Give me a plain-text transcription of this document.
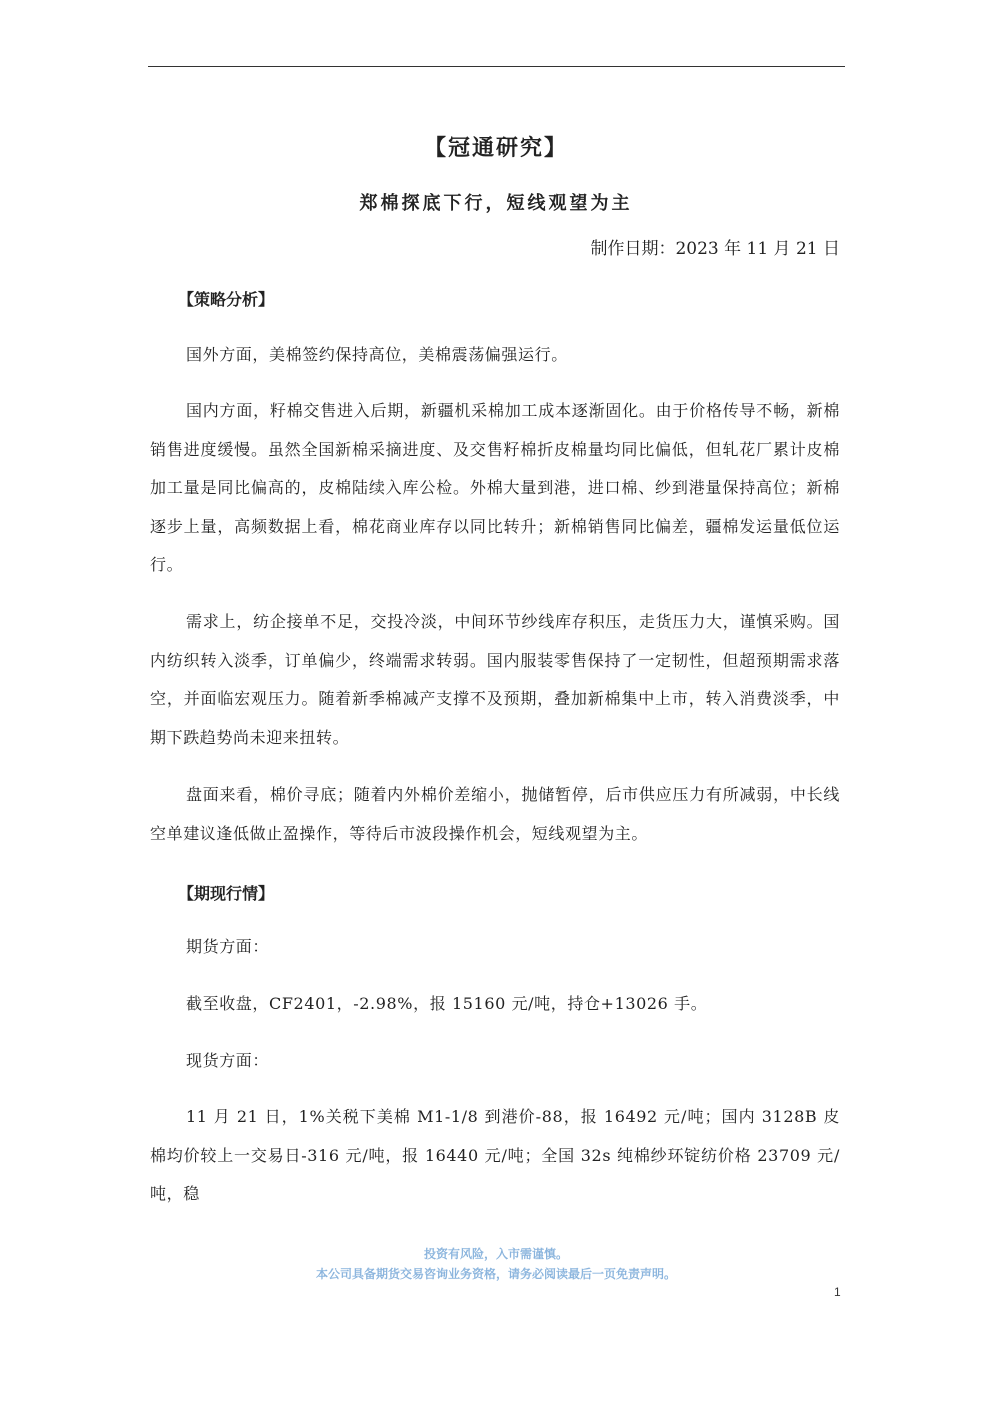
【冠通研究】
郑棉探底下行，短线观望为主
制作日期：2023 年 11 月 21 日
【策略分析】
国外方面，美棉签约保持高位，美棉震荡偏强运行。
国内方面，籽棉交售进入后期，新疆机采棉加工成本逐渐固化。由于价格传导不畅，新棉销售进度缓慢。虽然全国新棉采摘进度、及交售籽棉折皮棉量均同比偏低，但轧花厂累计皮棉加工量是同比偏高的，皮棉陆续入库公检。外棉大量到港，进口棉、纱到港量保持高位；新棉逐步上量，高频数据上看，棉花商业库存以同比转升；新棉销售同比偏差，疆棉发运量低位运行。
需求上，纺企接单不足，交投冷淡，中间环节纱线库存积压，走货压力大，谨慎采购。国内纺织转入淡季，订单偏少，终端需求转弱。国内服装零售保持了一定韧性，但超预期需求落空，并面临宏观压力。随着新季棉减产支撑不及预期，叠加新棉集中上市，转入消费淡季，中期下跌趋势尚未迎来扭转。
盘面来看，棉价寻底；随着内外棉价差缩小，抛储暂停，后市供应压力有所减弱，中长线空单建议逢低做止盈操作，等待后市波段操作机会，短线观望为主。
【期现行情】
期货方面：
截至收盘，CF2401，-2.98%，报 15160 元/吨，持仓+13026 手。
现货方面：
11 月 21 日，1%关税下美棉 M1-1/8 到港价-88，报 16492 元/吨；国内 3128B 皮棉均价较上一交易日-316 元/吨，报 16440 元/吨；全国 32s 纯棉纱环锭纺价格 23709 元/吨，稳
投资有风险，入市需谨慎。
本公司具备期货交易咨询业务资格，请务必阅读最后一页免责声明。
1
